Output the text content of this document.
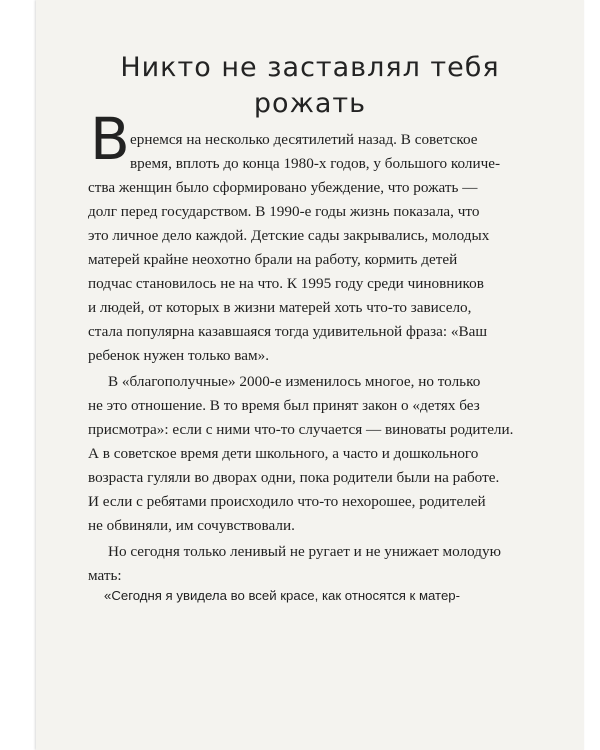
Никто не заставлял тебя
рожать
В ернемся на несколько десятилетий назад. В советское
время, вплоть до конца 1980-х годов, у большого количе-
ства женщин было сформировано убеждение, что рожать —
долг перед государством. В 1990-е годы жизнь показала, что
это личное дело каждой. Детские сады закрывались, молодых
матерей крайне неохотно брали на работу, кормить детей
подчас становилось не на что. К 1995 году среди чиновников
и людей, от которых в жизни матерей хоть что-то зависело,
стала популярна казавшаяся тогда удивительной фраза: «Ваш
ребенок нужен только вам».
В «благополучные» 2000-е изменилось многое, но только
не это отношение. В то время был принят закон о «детях без
присмотра»: если с ними что-то случается — виноваты родители.
А в советское время дети школьного, а часто и дошкольного
возраста гуляли во дворах одни, пока родители были на работе.
И если с ребятами происходило что-то нехорошее, родителей
не обвиняли, им сочувствовали.
Но сегодня только ленивый не ругает и не унижает молодую
мать:
«Сегодня я увидела во всей красе, как относятся к матер-
